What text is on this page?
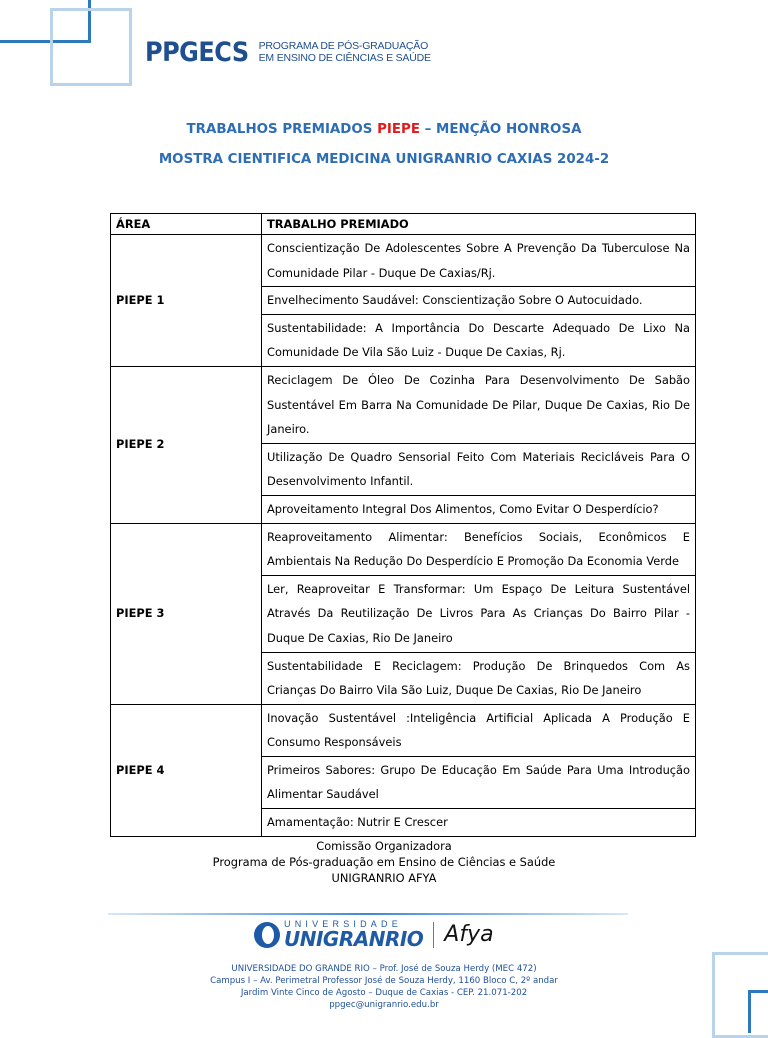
PPGECS PROGRAMA DE PÓS-GRADUAÇÃO
EM ENSINO DE CIÊNCIAS E SAÚDE
TRABALHOS PREMIADOS PIEPE – MENÇÃO HONROSA
MOSTRA CIENTIFICA MEDICINA UNIGRANRIO CAXIAS 2024-2
ÁREA	TRABALHO PREMIADO
PIEPE 1	Conscientização De Adolescentes Sobre A Prevenção Da Tuberculose Na Comunidade Pilar - Duque De Caxias/Rj.
	Envelhecimento Saudável: Conscientização Sobre O Autocuidado.
	Sustentabilidade: A Importância Do Descarte Adequado De Lixo Na Comunidade De Vila São Luiz - Duque De Caxias, Rj.
PIEPE 2	Reciclagem De Óleo De Cozinha Para Desenvolvimento De Sabão Sustentável Em Barra Na Comunidade De Pilar, Duque De Caxias, Rio De Janeiro.
	Utilização De Quadro Sensorial Feito Com Materiais Recicláveis Para O Desenvolvimento Infantil.
	Aproveitamento Integral Dos Alimentos, Como Evitar O Desperdício?
PIEPE 3	Reaproveitamento Alimentar: Benefícios Sociais, Econômicos E Ambientais Na Redução Do Desperdício E Promoção Da Economia Verde
	Ler, Reaproveitar E Transformar: Um Espaço De Leitura Sustentável Através Da Reutilização De Livros Para As Crianças Do Bairro Pilar - Duque De Caxias, Rio De Janeiro
	Sustentabilidade E Reciclagem: Produção De Brinquedos Com As Crianças Do Bairro Vila São Luiz, Duque De Caxias, Rio De Janeiro
PIEPE 4	Inovação Sustentável :Inteligência Artificial Aplicada A Produção E Consumo Responsáveis
	Primeiros Sabores: Grupo De Educação Em Saúde Para Uma Introdução Alimentar Saudável
	Amamentação: Nutrir E Crescer
Comissão Organizadora
Programa de Pós-graduação em Ensino de Ciências e Saúde
UNIGRANRIO AFYA
UNIVERSIDADE
UNIGRANRIO Afya
UNIVERSIDADE DO GRANDE RIO – Prof. José de Souza Herdy (MEC 472)
Campus I – Av. Perimetral Professor José de Souza Herdy, 1160 Bloco C, 2º andar
Jardim Vinte Cinco de Agosto – Duque de Caxias - CEP. 21.071-202
ppgec@unigranrio.edu.br
